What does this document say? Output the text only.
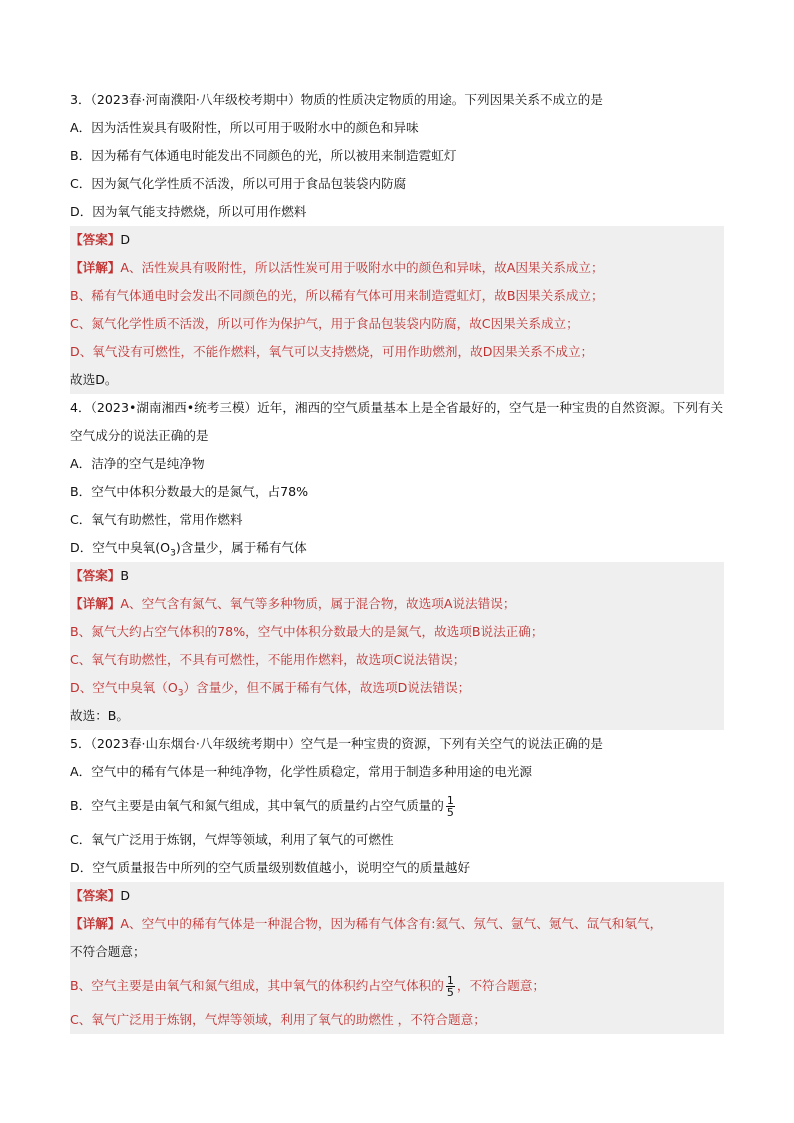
3．（2023春·河南濮阳·八年级校考期中）物质的性质决定物质的用途。下列因果关系不成立的是
A．因为活性炭具有吸附性，所以可用于吸附水中的颜色和异味
B．因为稀有气体通电时能发出不同颜色的光，所以被用来制造霓虹灯
C．因为氮气化学性质不活泼，所以可用于食品包装袋内防腐
D．因为氧气能支持燃烧，所以可用作燃料
【答案】D
【详解】A、活性炭具有吸附性，所以活性炭可用于吸附水中的颜色和异味，故A因果关系成立；
B、稀有气体通电时会发出不同颜色的光，所以稀有气体可用来制造霓虹灯，故B因果关系成立；
C、氮气化学性质不活泼，所以可作为保护气，用于食品包装袋内防腐，故C因果关系成立；
D、氧气没有可燃性，不能作燃料，氧气可以支持燃烧，可用作助燃剂，故D因果关系不成立；
故选D。
4．（2023•湖南湘西•统考三模）近年，湘西的空气质量基本上是全省最好的，空气是一种宝贵的自然资源。下列有关空气成分的说法正确的是
A．洁净的空气是纯净物
B．空气中体积分数最大的是氮气，占78%
C．氧气有助燃性，常用作燃料
D．空气中臭氧$(O_3)$含量少，属于稀有气体
【答案】B
【详解】A、空气含有氮气、氧气等多种物质，属于混合物，故选项A说法错误；
B、氮气大约占空气体积的78%，空气中体积分数最大的是氮气，故选项B说法正确；
C、氧气有助燃性，不具有可燃性，不能用作燃料，故选项C说法错误；
D、空气中臭氧$(O_3)$含量少，但不属于稀有气体，故选项D说法错误；
故选：B。
5．（2023春·山东烟台·八年级统考期中）空气是一种宝贵的资源，下列有关空气的说法正确的是
A．空气中的稀有气体是一种纯净物，化学性质稳定，常用于制造多种用途的电光源
B．空气主要是由氧气和氮气组成，其中氧气的质量约占空气质量的 $\frac{1}{5}$
C．氧气广泛用于炼钢，气焊等领域，利用了氧气的可燃性
D．空气质量报告中所列的空气质量级别数值越小，说明空气的质量越好
【答案】D
【详解】A、空气中的稀有气体是一种混合物，因为稀有气体含有:氦气、氖气、氩气、氪气、氙气和氡气，
不符合题意；
B、空气主要是由氧气和氮气组成，其中氧气的体积约占空气体积的 $\frac{1}{5}$ ，不符合题意；
C、氧气广泛用于炼钢，气焊等领域，利用了氧气的助燃性 ，不符合题意；
